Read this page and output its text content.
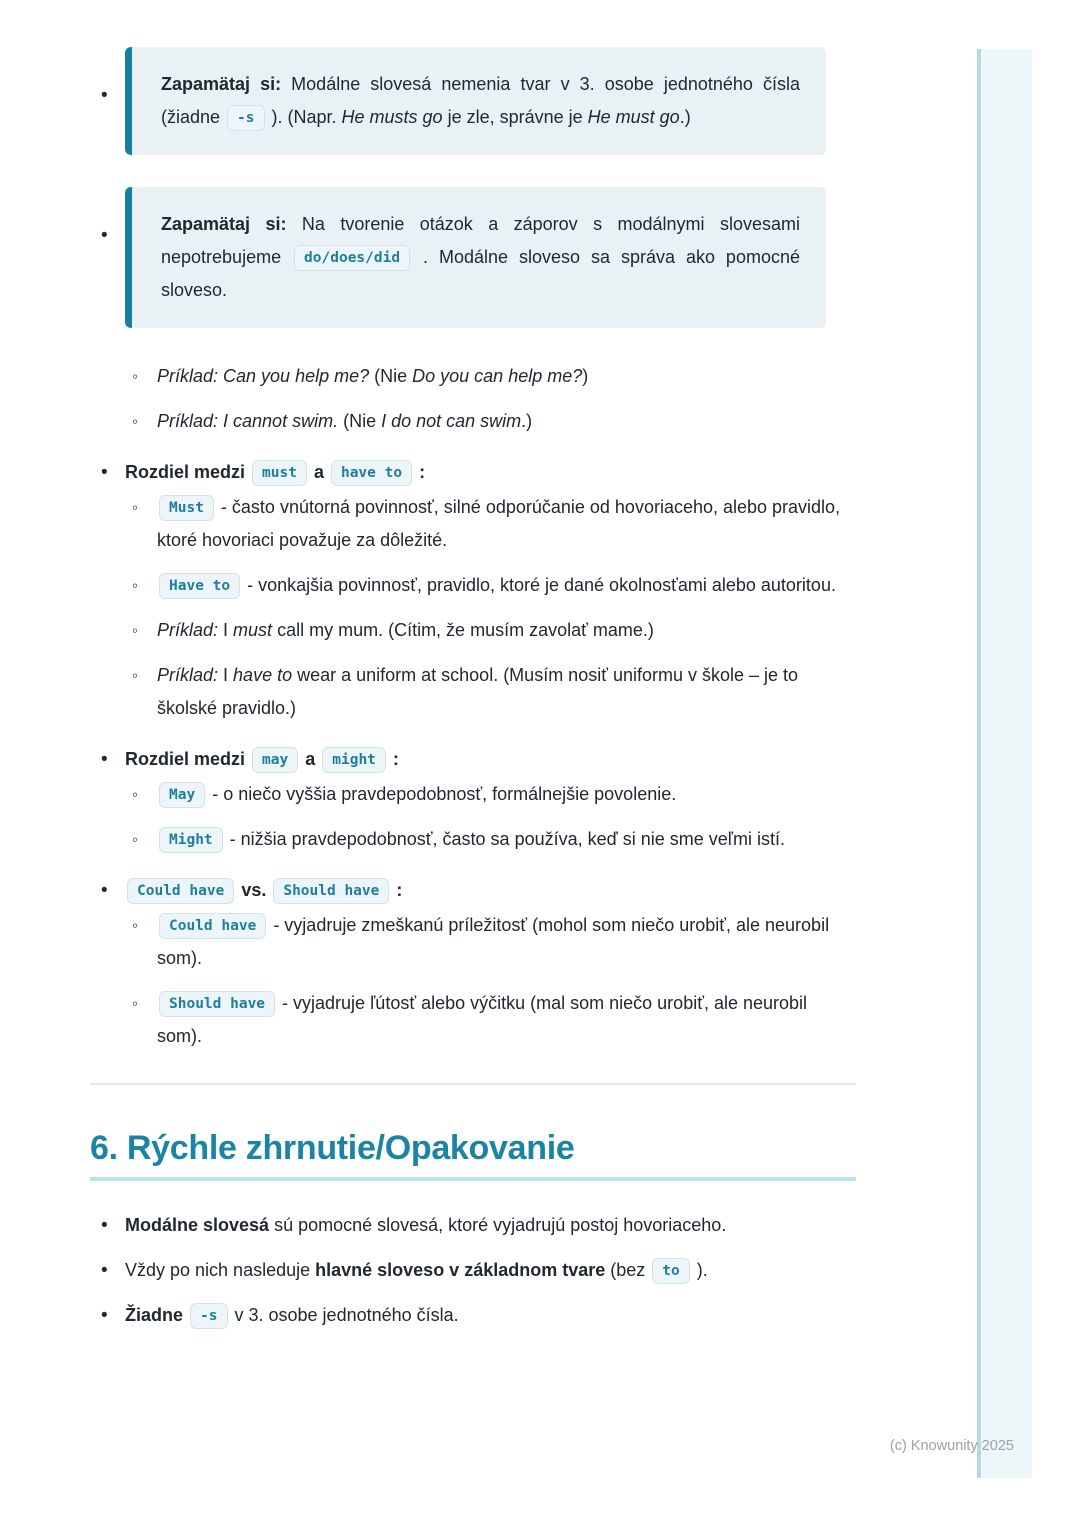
• Zapamätaj si: Modálne slovesá nemenia tvar v 3. osobe jednotného čísla (žiadne -s ). (Napr. He musts go je zle, správne je He must go.)

• Zapamätaj si: Na tvorenie otázok a záporov s modálnymi slovesami nepotrebujeme do/does/did . Modálne sloveso sa správa ako pomocné sloveso.

◦ Príklad: Can you help me? (Nie Do you can help me?)
◦ Príklad: I cannot swim. (Nie I do not can swim.)
• Rozdiel medzi must a have to :
◦ Must - často vnútorná povinnosť, silné odporúčanie od hovoriaceho, alebo pravidlo, ktoré hovoriaci považuje za dôležité.
◦ Have to - vonkajšia povinnosť, pravidlo, ktoré je dané okolnosťami alebo autoritou.
◦ Príklad: I must call my mum. (Cítim, že musím zavolať mame.)
◦ Príklad: I have to wear a uniform at school. (Musím nosiť uniformu v škole – je to školské pravidlo.)
• Rozdiel medzi may a might :
◦ May - o niečo vyššia pravdepodobnosť, formálnejšie povolenie.
◦ Might - nižšia pravdepodobnosť, často sa používa, keď si nie sme veľmi istí.
• Could have vs. Should have :
◦ Could have - vyjadruje zmeškanú príležitosť (mohol som niečo urobiť, ale neurobil som).
◦ Should have - vyjadruje ľútosť alebo výčitku (mal som niečo urobiť, ale neurobil som).
6. Rýchle zhrnutie/Opakovanie
• Modálne slovesá sú pomocné slovesá, ktoré vyjadrujú postoj hovoriaceho.
• Vždy po nich nasleduje hlavné sloveso v základnom tvare (bez to ).
• Žiadne -s v 3. osobe jednotného čísla.
(c) Knowunity 2025
